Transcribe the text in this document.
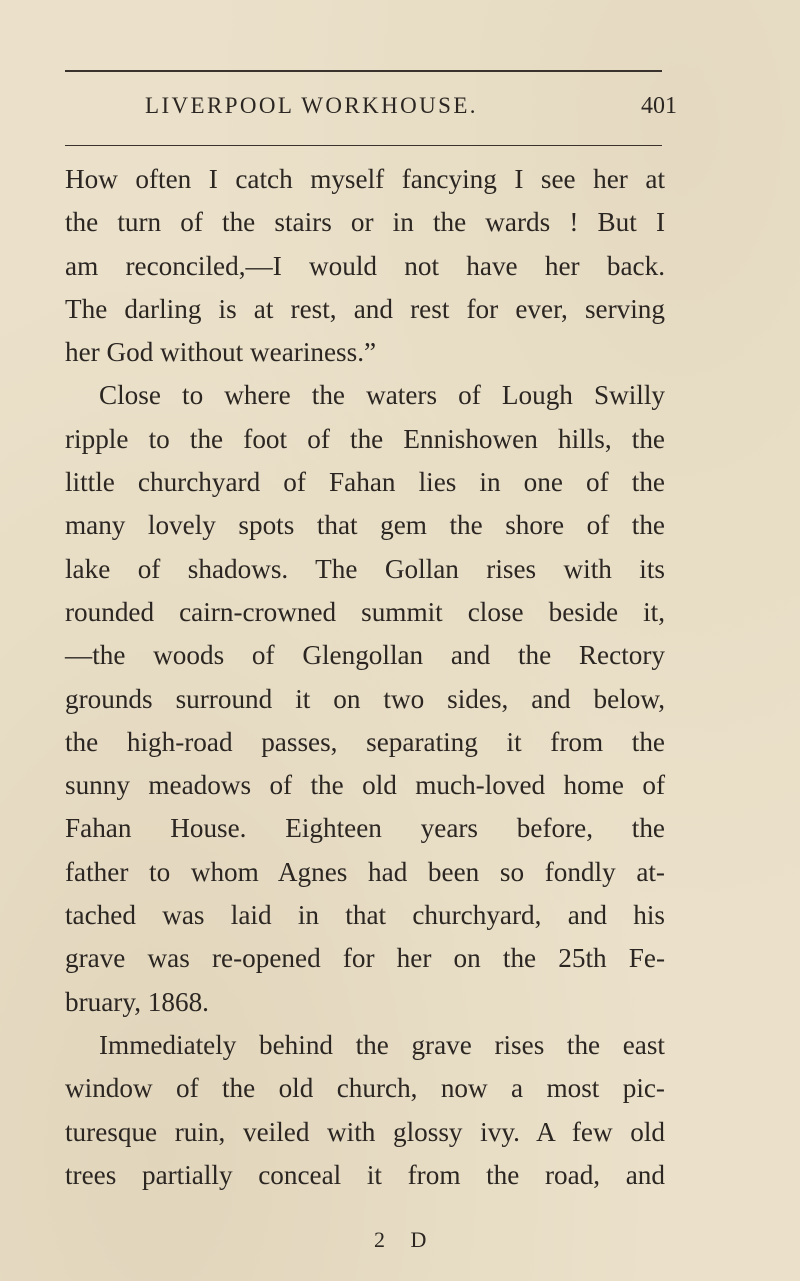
LIVERPOOL WORKHOUSE.	401
How often I catch myself fancying I see her at
the turn of the stairs or in the wards ! But I
am reconciled,—I would not have her back.
The darling is at rest, and rest for ever, serving
her God without weariness.”
Close to where the waters of Lough Swilly
ripple to the foot of the Ennishowen hills, the
little churchyard of Fahan lies in one of the
many lovely spots that gem the shore of the
lake of shadows. The Gollan rises with its
rounded cairn-crowned summit close beside it,
—the woods of Glengollan and the Rectory
grounds surround it on two sides, and below,
the high-road passes, separating it from the
sunny meadows of the old much-loved home of
Fahan House. Eighteen years before, the
father to whom Agnes had been so fondly at-
tached was laid in that churchyard, and his
grave was re-opened for her on the 25th Fe-
bruary, 1868.
Immediately behind the grave rises the east
window of the old church, now a most pic-
turesque ruin, veiled with glossy ivy. A few old
trees partially conceal it from the road, and
2 D
